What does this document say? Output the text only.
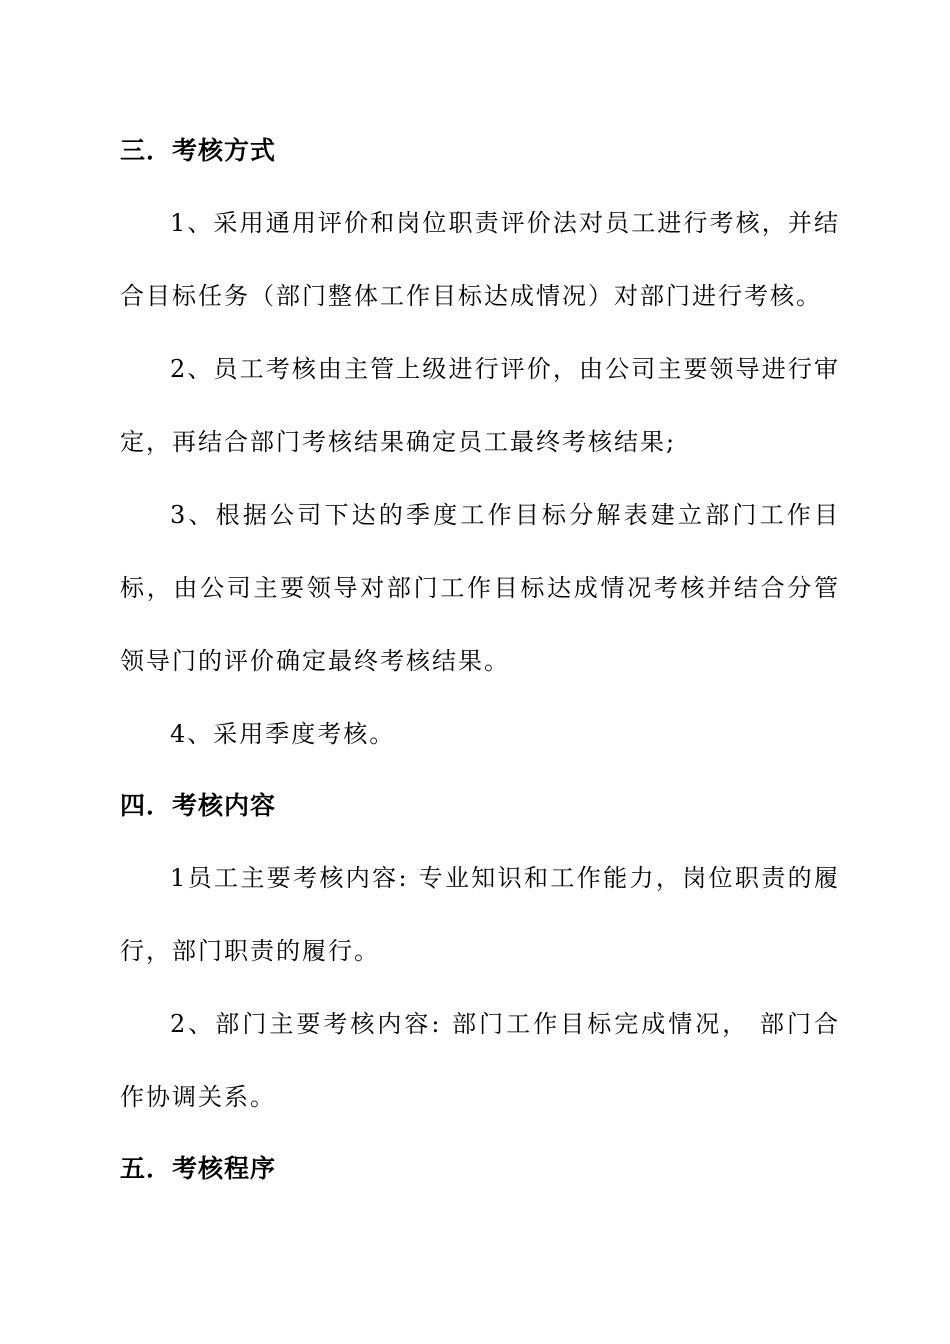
三．考核方式

1、采用通用评价和岗位职责评价法对员工进行考核，并结合目标任务（部门整体工作目标达成情况）对部门进行考核。

2、员工考核由主管上级进行评价，由公司主要领导进行审定，再结合部门考核结果确定员工最终考核结果;

3、根据公司下达的季度工作目标分解表建立部门工作目标，由公司主要领导对部门工作目标达成情况考核并结合分管领导门的评价确定最终考核结果。

4、采用季度考核。

四．考核内容

1员工主要考核内容: 专业知识和工作能力，岗位职责的履行，部门职责的履行。

2、部门主要考核内容: 部门工作目标完成情况， 部门合作协调关系。

五．考核程序
